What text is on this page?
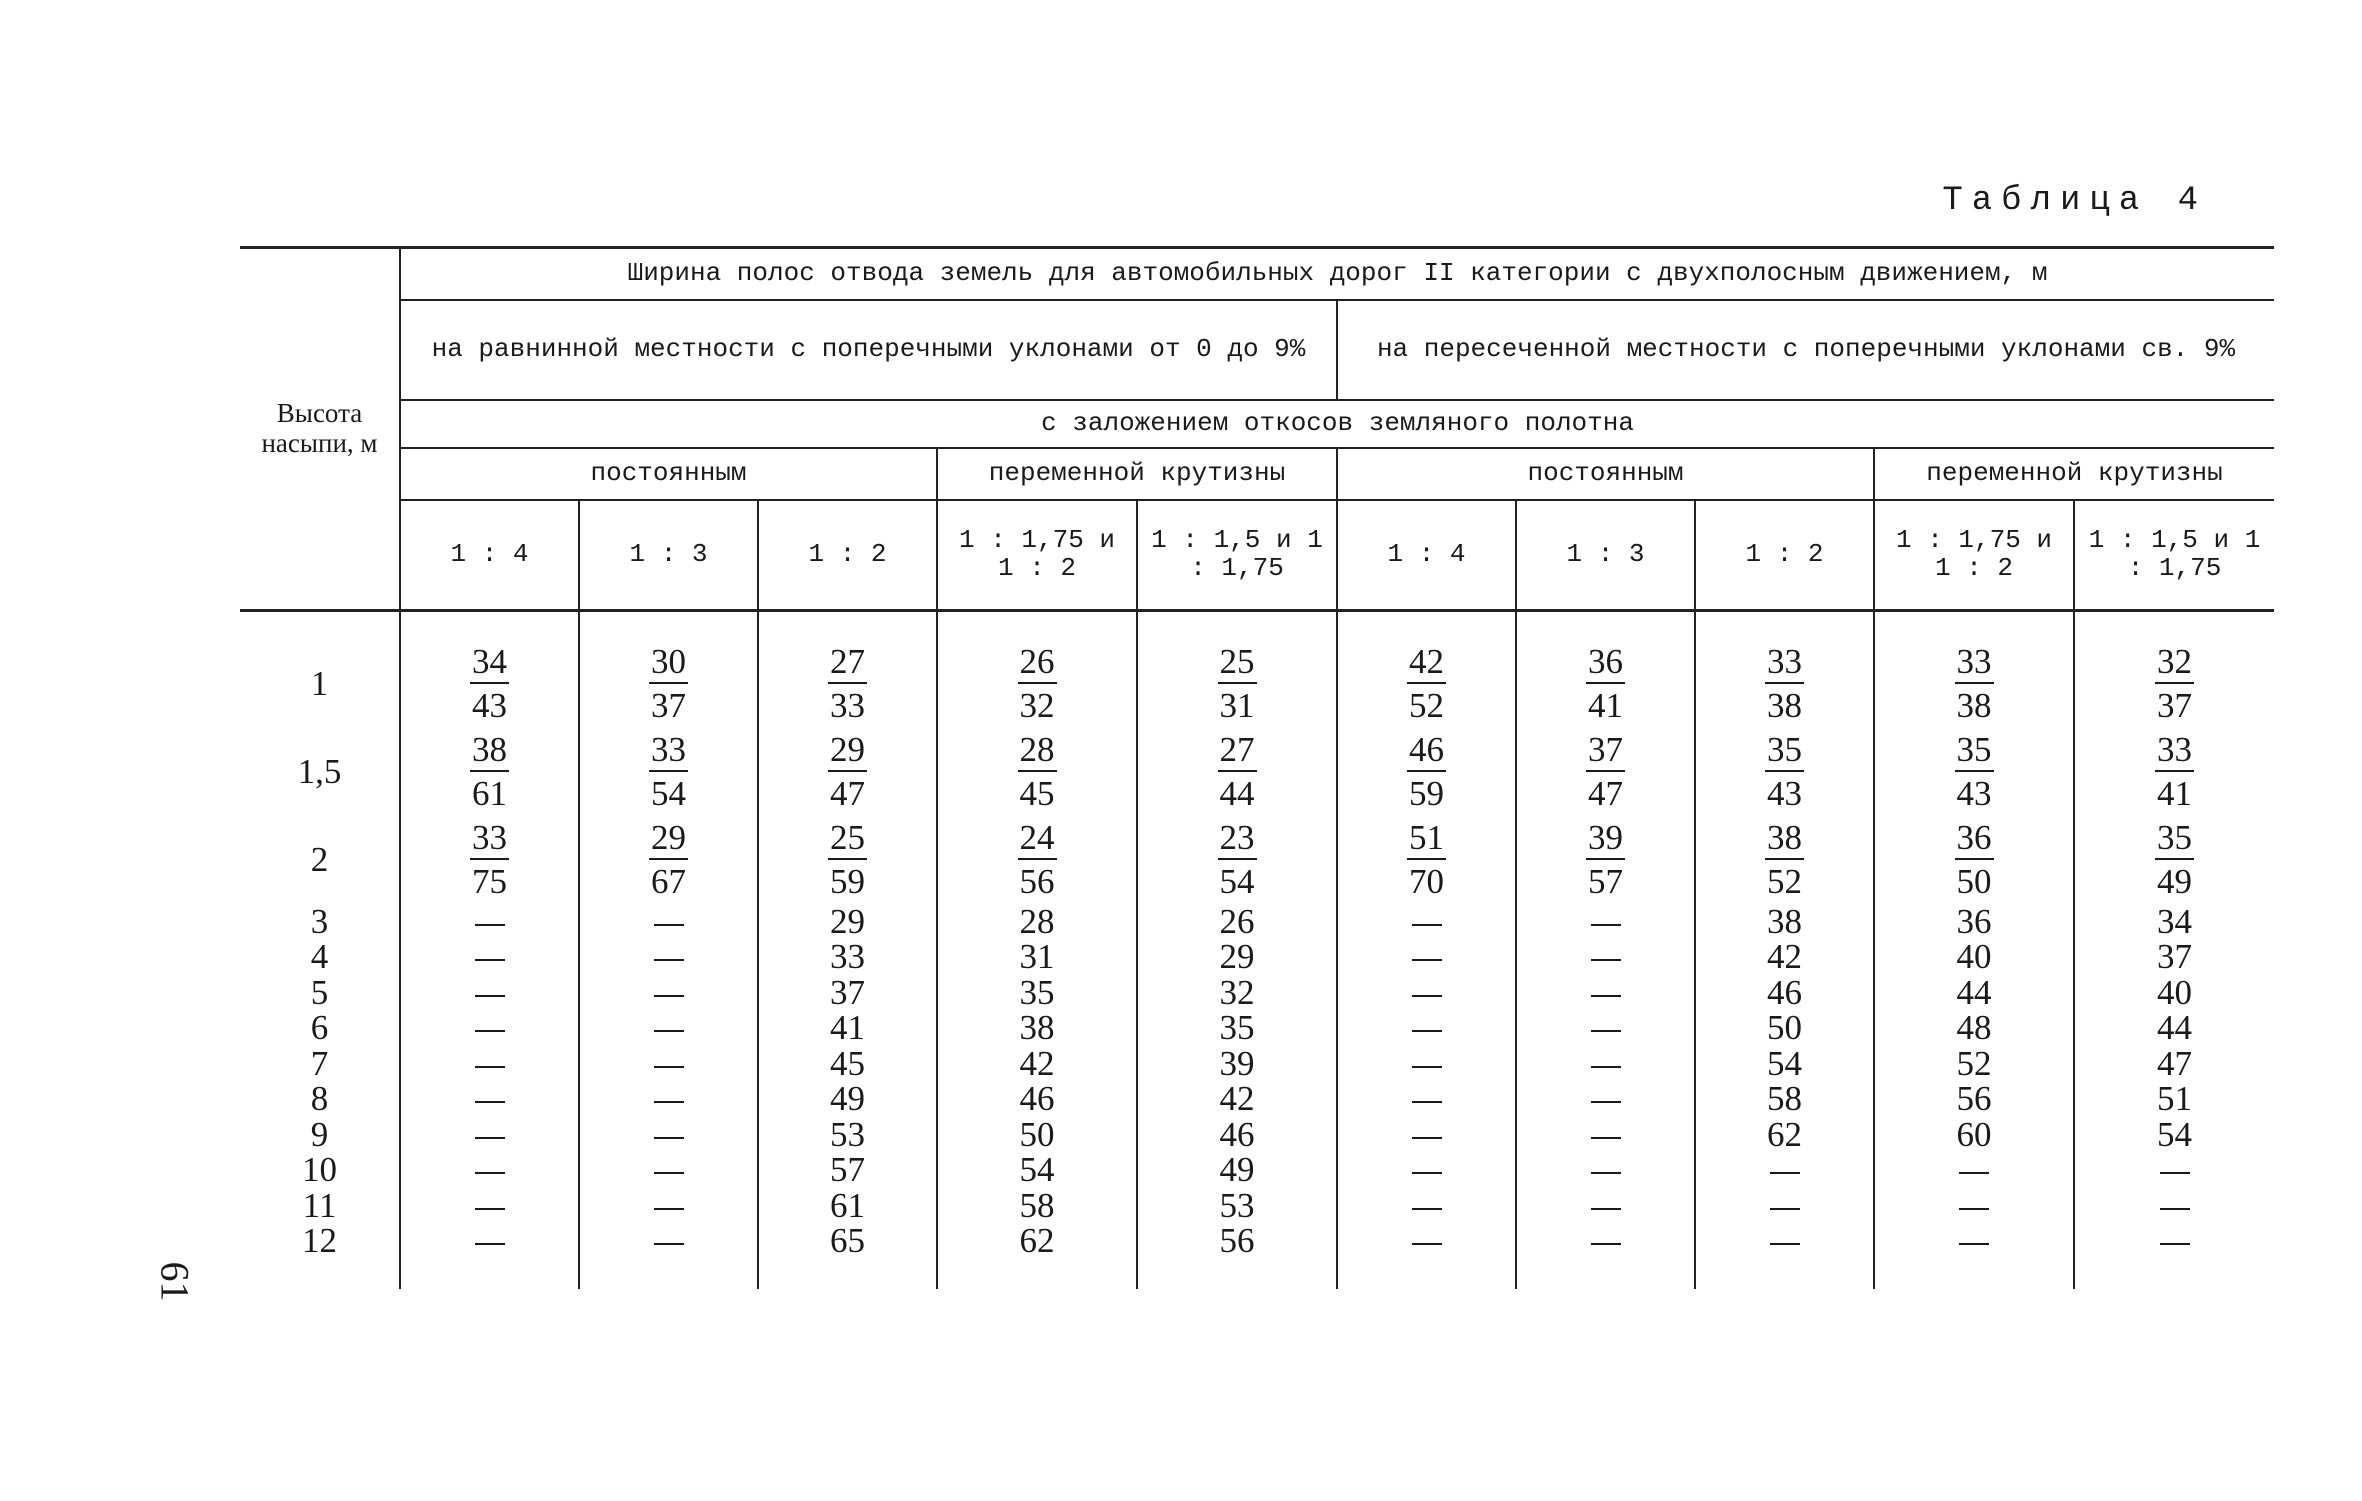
Таблица 4
61
Высота насыпи, м	Ширина полос отвода земель для автомобильных дорог II категории с двухполосным движением, м									
	на равнинной местности с поперечными уклонами от 0 до 9%					на пересеченной местности с поперечными уклонами св. 9%				
	с заложением откосов земляного полотна									
	постоянным			переменной крутизны		постоянным			переменной крутизны	
	1 : 4	1 : 3	1 : 2	1 : 1,75 и 1 : 2	1 : 1,5 и 1 : 1,75	1 : 4	1 : 3	1 : 2	1 : 1,75 и 1 : 2	1 : 1,5 и 1 : 1,75

1	$\frac{34}{43}$	$\frac{30}{37}$	$\frac{27}{33}$	$\frac{26}{32}$	$\frac{25}{31}$	$\frac{42}{52}$	$\frac{36}{41}$	$\frac{33}{38}$	$\frac{33}{38}$	$\frac{32}{37}$

1,5	$\frac{38}{61}$	$\frac{33}{54}$	$\frac{29}{47}$	$\frac{28}{45}$	$\frac{27}{44}$	$\frac{46}{59}$	$\frac{37}{47}$	$\frac{35}{43}$	$\frac{35}{43}$	$\frac{33}{41}$

2	$\frac{33}{75}$	$\frac{29}{67}$	$\frac{25}{59}$	$\frac{24}{56}$	$\frac{23}{54}$	$\frac{51}{70}$	$\frac{39}{57}$	$\frac{38}{52}$	$\frac{36}{50}$	$\frac{35}{49}$

3			29	28	26			38	36	34
4			33	31	29			42	40	37
5			37	35	32			46	44	40
6			41	38	35			50	48	44
7			45	42	39			54	52	47
8			49	46	42			58	56	51
9			53	50	46			62	60	54
10			57	54	49					
11			61	58	53					
12			65	62	56					
